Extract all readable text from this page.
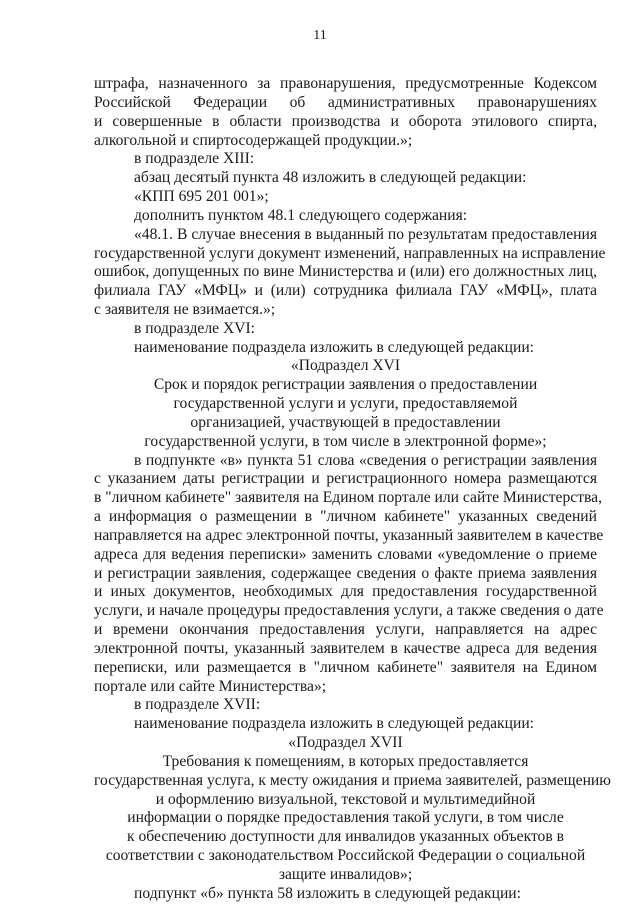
11
штрафа, назначенного за правонарушения, предусмотренные Кодексом
Российской Федерации об административных правонарушениях
и совершенные в области производства и оборота этилового спирта,
алкогольной и спиртосодержащей продукции.»;
в подразделе XIII:
абзац десятый пункта 48 изложить в следующей редакции:
«КПП 695 201 001»;
дополнить пунктом 48.1 следующего содержания:
«48.1. В случае внесения в выданный по результатам предоставления
государственной услуги документ изменений, направленных на исправление
ошибок, допущенных по вине Министерства и (или) его должностных лиц,
филиала ГАУ «МФЦ» и (или) сотрудника филиала ГАУ «МФЦ», плата
с заявителя не взимается.»;
в подразделе XVI:
наименование подраздела изложить в следующей редакции:
«Подраздел XVI
Срок и порядок регистрации заявления о предоставлении
государственной услуги и услуги, предоставляемой
организацией, участвующей в предоставлении
государственной услуги, в том числе в электронной форме»;
в подпункте «в» пункта 51 слова «сведения о регистрации заявления
с указанием даты регистрации и регистрационного номера размещаются
в "личном кабинете" заявителя на Едином портале или сайте Министерства,
а информация о размещении в "личном кабинете" указанных сведений
направляется на адрес электронной почты, указанный заявителем в качестве
адреса для ведения переписки» заменить словами «уведомление о приеме
и регистрации заявления, содержащее сведения о факте приема заявления
и иных документов, необходимых для предоставления государственной
услуги, и начале процедуры предоставления услуги, а также сведения о дате
и времени окончания предоставления услуги, направляется на адрес
электронной почты, указанный заявителем в качестве адреса для ведения
переписки, или размещается в "личном кабинете" заявителя на Едином
портале или сайте Министерства»;
в подразделе XVII:
наименование подраздела изложить в следующей редакции:
«Подраздел XVII
Требования к помещениям, в которых предоставляется
государственная услуга, к месту ожидания и приема заявителей, размещению
и оформлению визуальной, текстовой и мультимедийной
информации о порядке предоставления такой услуги, в том числе
к обеспечению доступности для инвалидов указанных объектов в
соответствии с законодательством Российской Федерации о социальной
защите инвалидов»;
подпункт «б» пункта 58 изложить в следующей редакции:
